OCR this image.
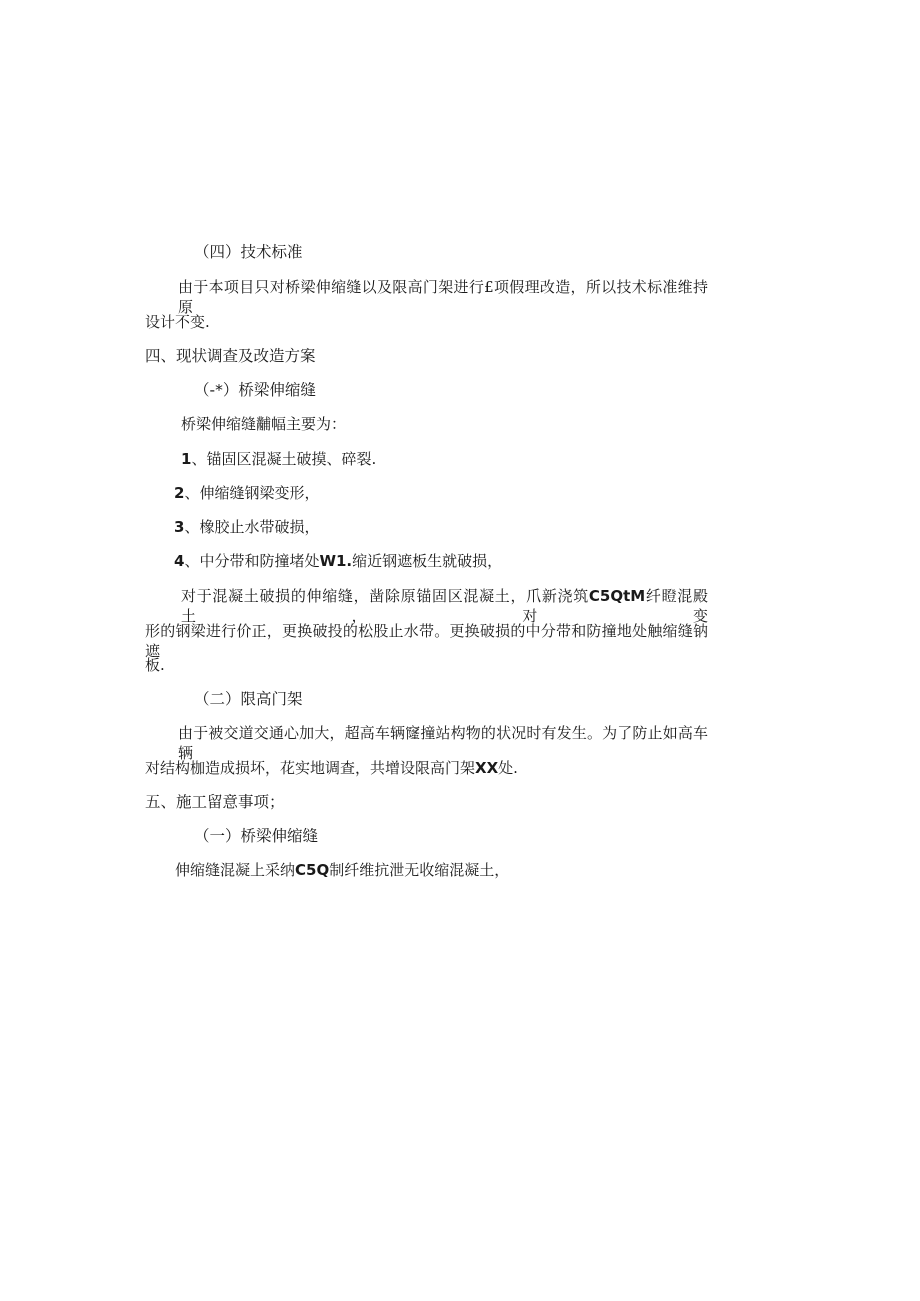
（四）技术标准
由于本项目只对桥梁伸缩缝以及限高门架进行£项假理改造，所以技术标准维持原
设计不变.
四、现状调查及改造方案
（-*）桥梁伸缩缝
桥梁伸缩缝黼幅主要为：
1、锚固区混凝土破摸、碎裂.
2、伸缩缝钢梁变形，
3、橡胶止水带破损，
4、中分带和防撞堵处W1.缩近钢遮板生就破损，
对于混凝土破损的伸缩缝，凿除原锚固区混凝土，爪新浇筑C5QtM纤瞪混殿土，对变
形的钢梁进行价正，更换破投的松股止水带。更换破损的中分带和防撞地处触缩缝钠遮
板.
（二）限高门架
由于被交道交通心加大，超高车辆窿撞站构物的状况时有发生。为了防止如高车辆
对结构枷造成损坏，花实地调查，共增设限高门架XX处.
五、施工留意事项；
（一）桥梁伸缩缝
伸缩缝混凝上采纳C5Q制纤维抗泄无收缩混凝土，
